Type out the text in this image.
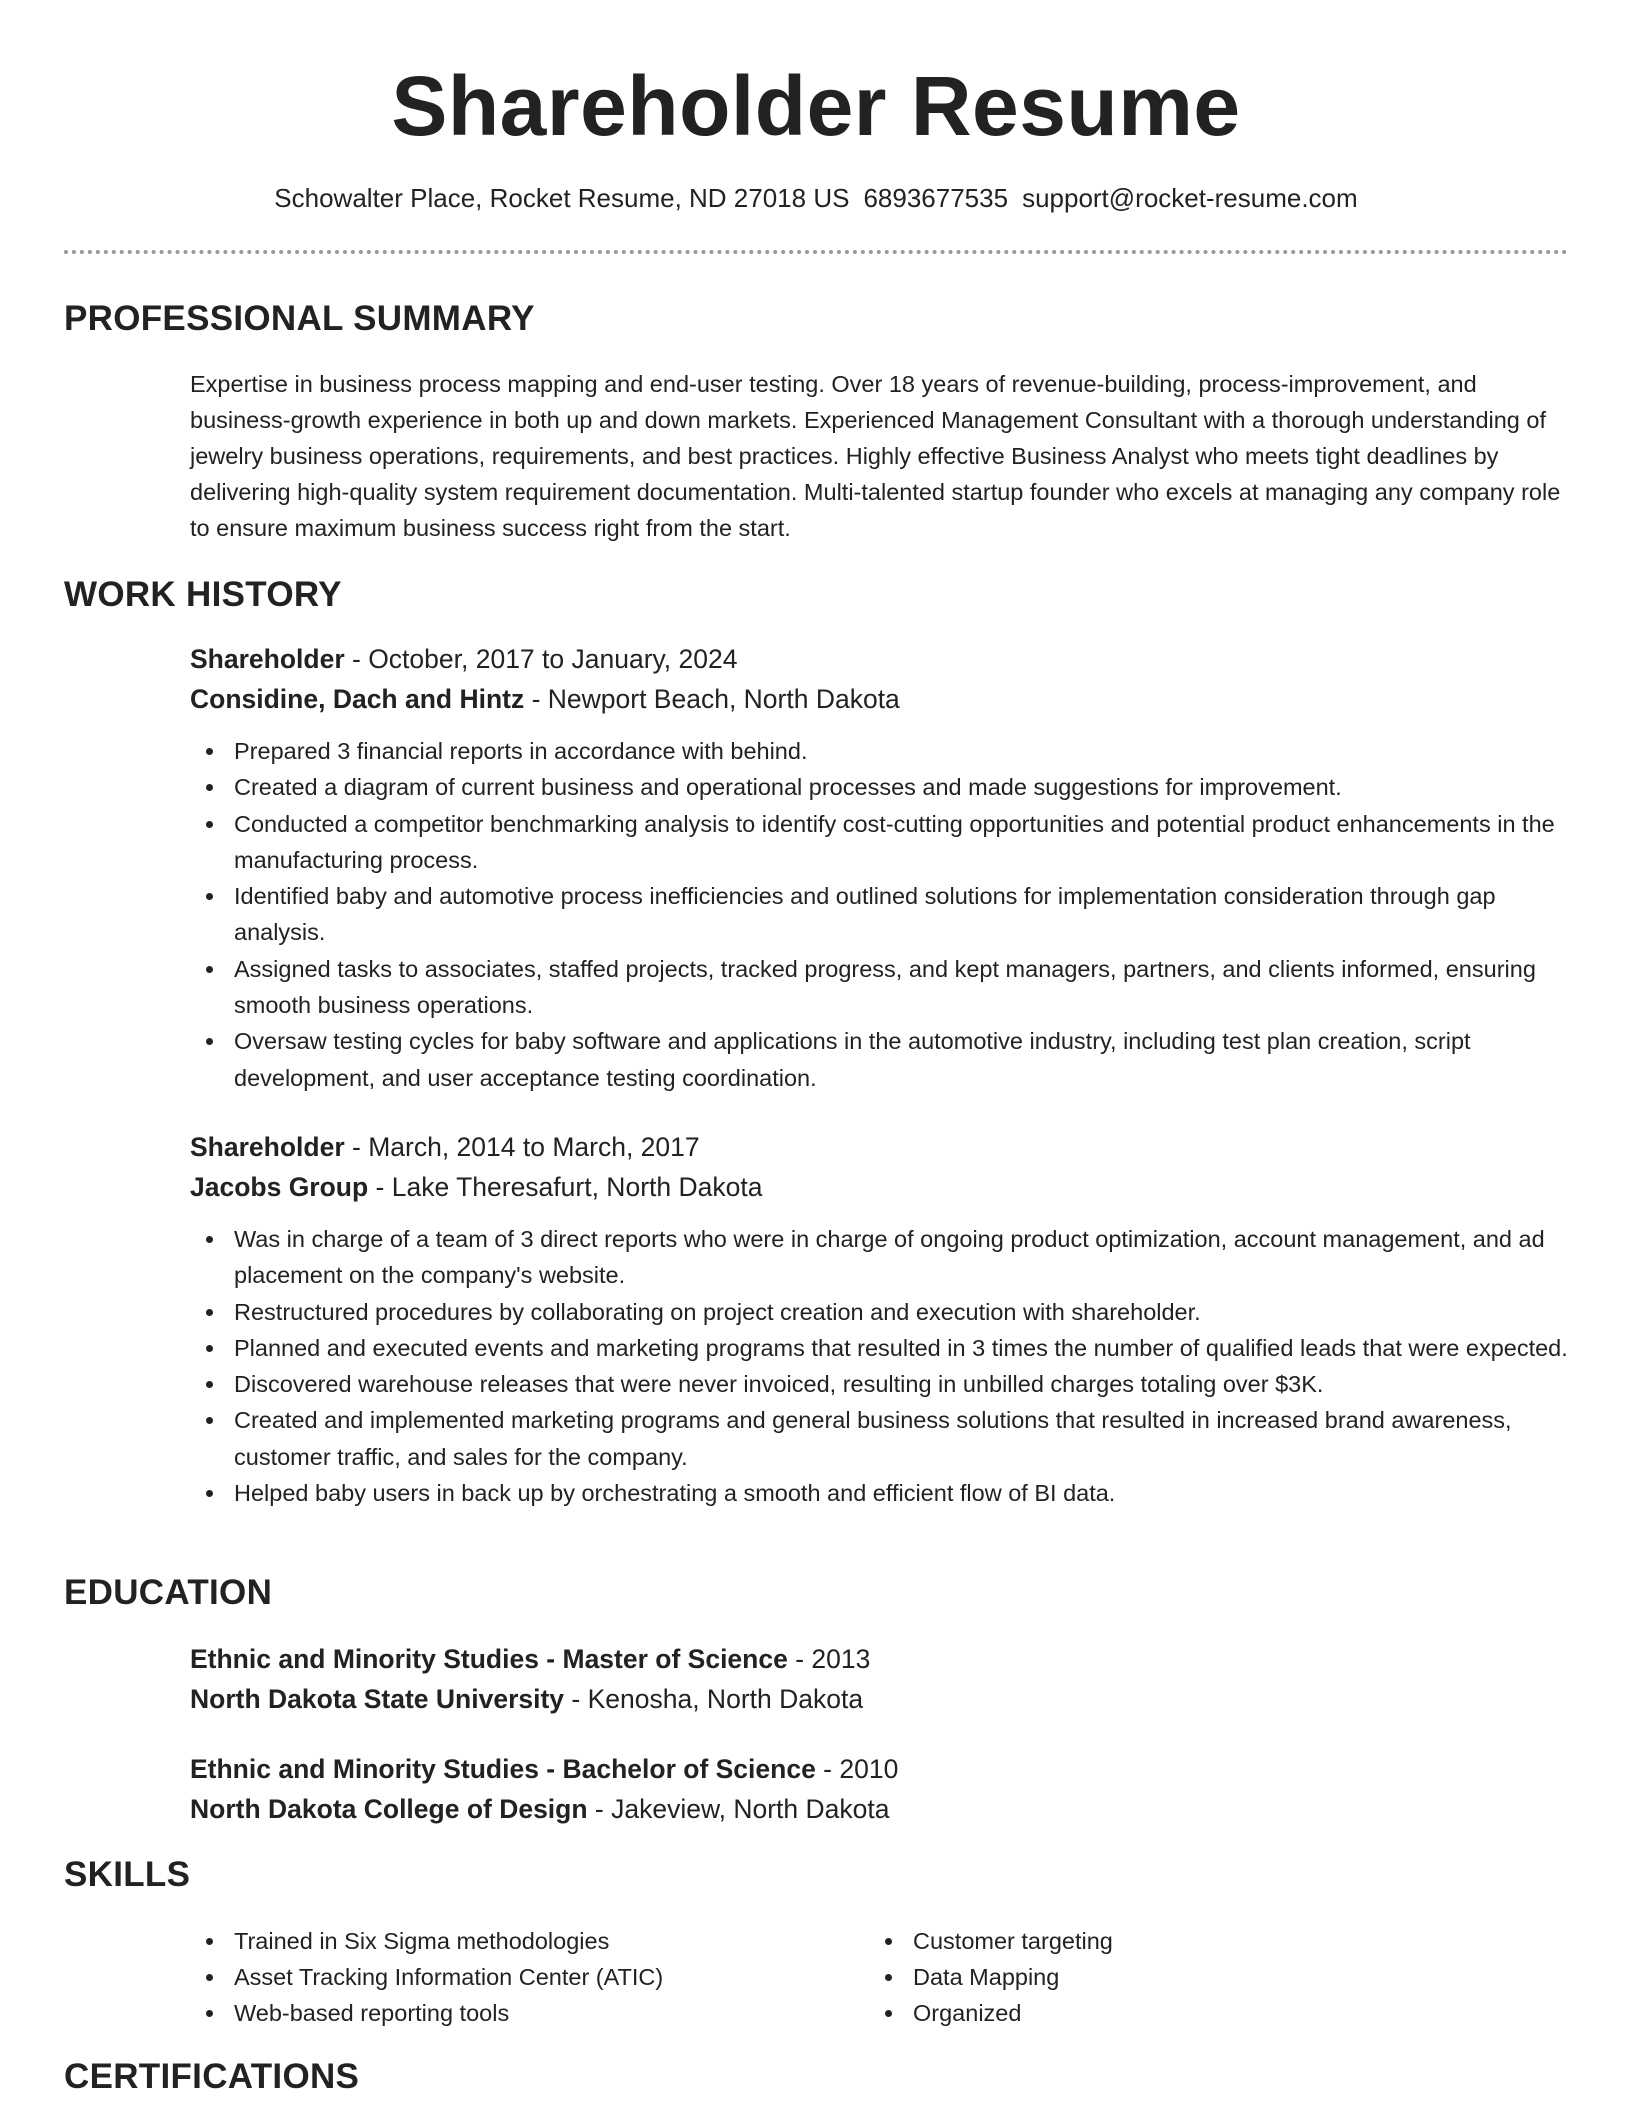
Shareholder Resume
Schowalter Place, Rocket Resume, ND 27018 US 6893677535 support@rocket-resume.com
PROFESSIONAL SUMMARY
Expertise in business process mapping and end-user testing. Over 18 years of revenue-building, process-improvement, and business-growth experience in both up and down markets. Experienced Management Consultant with a thorough understanding of jewelry business operations, requirements, and best practices. Highly effective Business Analyst who meets tight deadlines by delivering high-quality system requirement documentation. Multi-talented startup founder who excels at managing any company role to ensure maximum business success right from the start.
WORK HISTORY
Shareholder - October, 2017 to January, 2024
Considine, Dach and Hintz - Newport Beach, North Dakota
Prepared 3 financial reports in accordance with behind.
Created a diagram of current business and operational processes and made suggestions for improvement.
Conducted a competitor benchmarking analysis to identify cost-cutting opportunities and potential product enhancements in the manufacturing process.
Identified baby and automotive process inefficiencies and outlined solutions for implementation consideration through gap analysis.
Assigned tasks to associates, staffed projects, tracked progress, and kept managers, partners, and clients informed, ensuring smooth business operations.
Oversaw testing cycles for baby software and applications in the automotive industry, including test plan creation, script development, and user acceptance testing coordination.
Shareholder - March, 2014 to March, 2017
Jacobs Group - Lake Theresafurt, North Dakota
Was in charge of a team of 3 direct reports who were in charge of ongoing product optimization, account management, and ad placement on the company's website.
Restructured procedures by collaborating on project creation and execution with shareholder.
Planned and executed events and marketing programs that resulted in 3 times the number of qualified leads that were expected.
Discovered warehouse releases that were never invoiced, resulting in unbilled charges totaling over $3K.
Created and implemented marketing programs and general business solutions that resulted in increased brand awareness, customer traffic, and sales for the company.
Helped baby users in back up by orchestrating a smooth and efficient flow of BI data.
EDUCATION
Ethnic and Minority Studies - Master of Science - 2013
North Dakota State University - Kenosha, North Dakota
Ethnic and Minority Studies - Bachelor of Science - 2010
North Dakota College of Design - Jakeview, North Dakota
SKILLS
Trained in Six Sigma methodologies
Asset Tracking Information Center (ATIC)
Web-based reporting tools
Customer targeting
Data Mapping
Organized
CERTIFICATIONS
